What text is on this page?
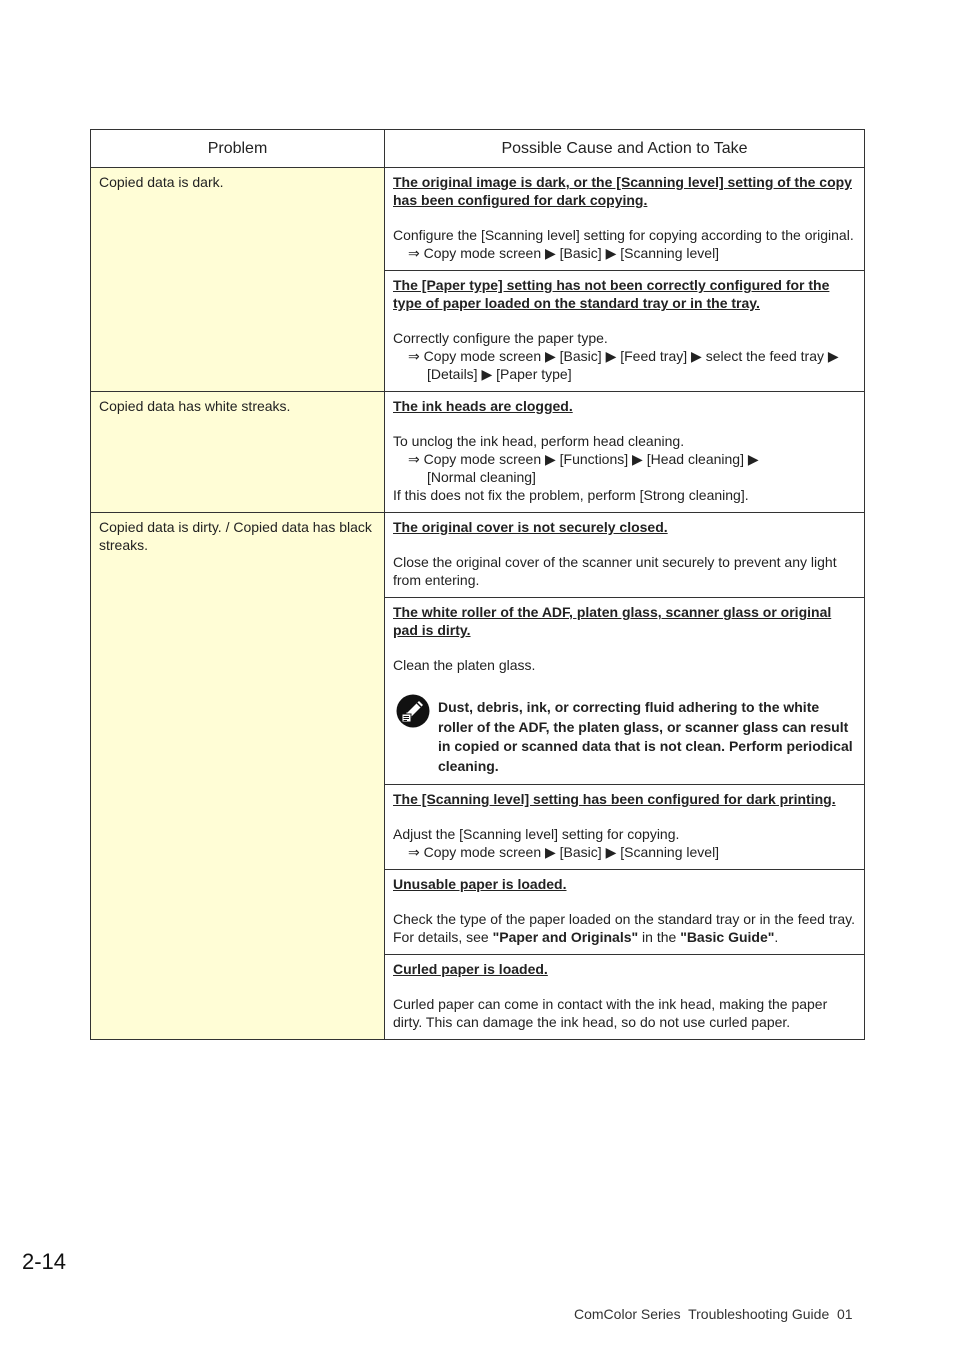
Problem	Possible Cause and Action to Take
Copied data is dark.	The original image is dark, or the [Scanning level] setting of the copy has been configured for dark copying.
Configure the [Scanning level] setting for copying according to the original.
⇒ Copy mode screen ▶ [Basic] ▶ [Scanning level]

	The [Paper type] setting has not been correctly configured for the type of paper loaded on the standard tray or in the tray.
Correctly configure the paper type.
⇒ Copy mode screen ▶ [Basic] ▶ [Feed tray] ▶ select the feed tray ▶
[Details] ▶ [Paper type]

Copied data has white streaks.	The ink heads are clogged.
To unclog the ink head, perform head cleaning.
⇒ Copy mode screen ▶ [Functions] ▶ [Head cleaning] ▶
[Normal cleaning]
If this does not fix the problem, perform [Strong cleaning].

Copied data is dirty. / Copied data has black streaks.	The original cover is not securely closed.
Close the original cover of the scanner unit securely to prevent any light from entering.

	The white roller of the ADF, platen glass, scanner glass or original pad is dirty.
Clean the platen glass.
Dust, debris, ink, or correcting fluid adhering to the white roller of the ADF, the platen glass, or scanner glass can result in copied or scanned data that is not clean. Perform periodical cleaning.

	The [Scanning level] setting has been configured for dark printing.
Adjust the [Scanning level] setting for copying.
⇒ Copy mode screen ▶ [Basic] ▶ [Scanning level]

	Unusable paper is loaded.
Check the type of the paper loaded on the standard tray or in the feed tray. For details, see "Paper and Originals" in the "Basic Guide".

	Curled paper is loaded.
Curled paper can come in contact with the ink head, making the paper dirty. This can damage the ink head, so do not use curled paper.
2-14
ComColor Series  Troubleshooting Guide  01
